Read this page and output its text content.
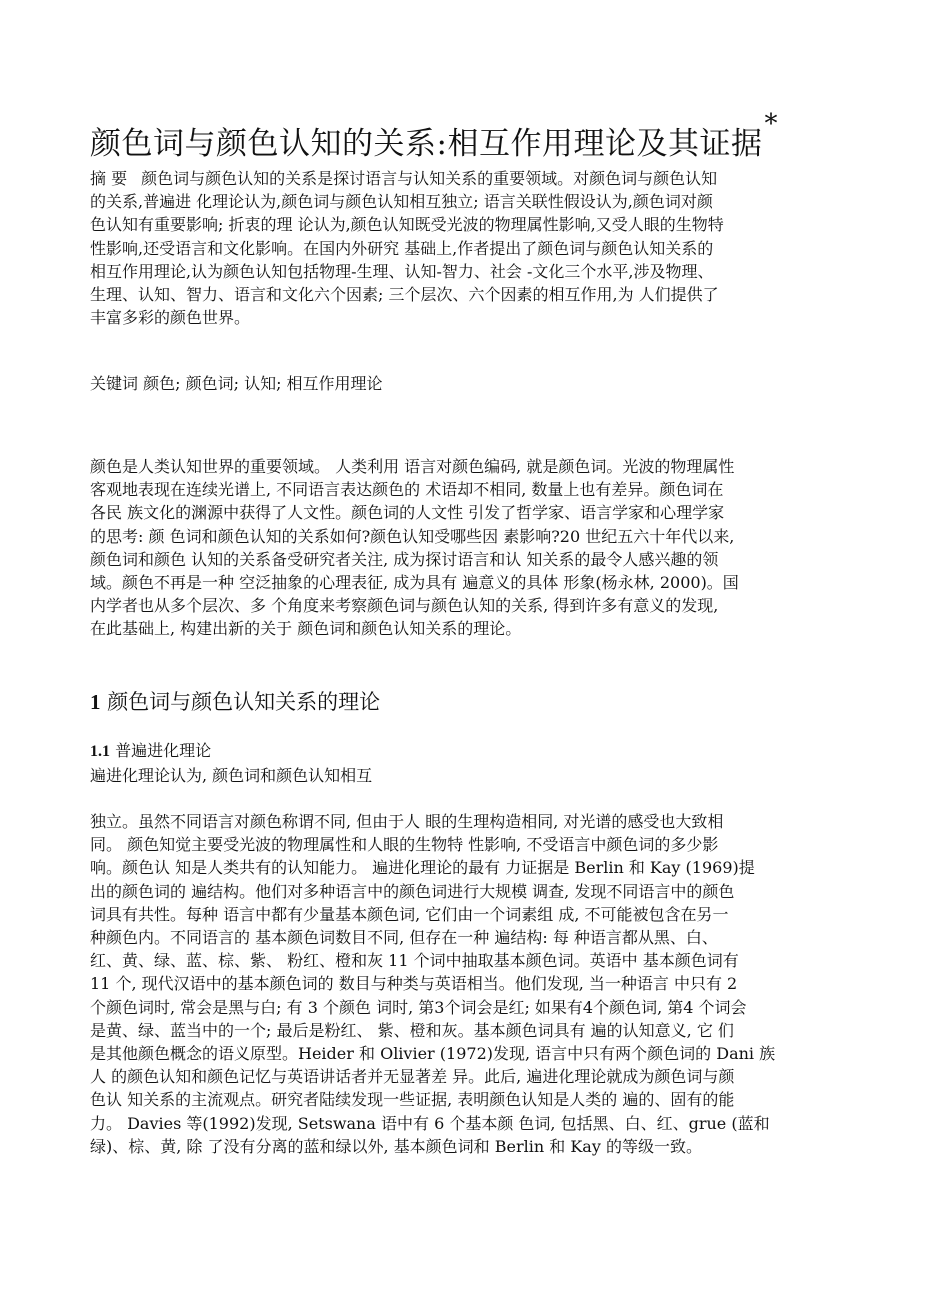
颜色词与颜色认知的关系:相互作用理论及其证据*
摘 要 颜色词与颜色认知的关系是探讨语言与认知关系的重要领域。对颜色词与颜色认知
的关系,普遍进 化理论认为,颜色词与颜色认知相互独立; 语言关联性假设认为,颜色词对颜
色认知有重要影响; 折衷的理 论认为,颜色认知既受光波的物理属性影响,又受人眼的生物特
性影响,还受语言和文化影响。在国内外研究 基础上,作者提出了颜色词与颜色认知关系的
相互作用理论,认为颜色认知包括物理-生理、认知-智力、社会 -文化三个水平,涉及物理、
生理、认知、智力、语言和文化六个因素; 三个层次、六个因素的相互作用,为 人们提供了
丰富多彩的颜色世界。
关键词 颜色; 颜色词; 认知; 相互作用理论
颜色是人类认知世界的重要领域。 人类利用 语言对颜色编码, 就是颜色词。光波的物理属性
客观地表现在连续光谱上, 不同语言表达颜色的 术语却不相同, 数量上也有差异。颜色词在
各民 族文化的渊源中获得了人文性。颜色词的人文性 引发了哲学家、语言学家和心理学家
的思考: 颜 色词和颜色认知的关系如何?颜色认知受哪些因 素影响?20 世纪五六十年代以来,
颜色词和颜色 认知的关系备受研究者关注, 成为探讨语言和认 知关系的最令人感兴趣的领
域。颜色不再是一种 空泛抽象的心理表征, 成为具有 遍意义的具体 形象(杨永林, 2000)。国
内学者也从多个层次、多 个角度来考察颜色词与颜色认知的关系, 得到许多有意义的发现,
在此基础上, 构建出新的关于 颜色词和颜色认知关系的理论。
1 颜色词与颜色认知关系的理论
1.1 普遍进化理论
遍进化理论认为, 颜色词和颜色认知相互
独立。虽然不同语言对颜色称谓不同, 但由于人 眼的生理构造相同, 对光谱的感受也大致相
同。 颜色知觉主要受光波的物理属性和人眼的生物特 性影响, 不受语言中颜色词的多少影
响。颜色认 知是人类共有的认知能力。 遍进化理论的最有 力证据是 Berlin 和 Kay (1969)提
出的颜色词的 遍结构。他们对多种语言中的颜色词进行大规模 调查, 发现不同语言中的颜色
词具有共性。每种 语言中都有少量基本颜色词, 它们由一个词素组 成, 不可能被包含在另一
种颜色内。不同语言的 基本颜色词数目不同, 但存在一种 遍结构: 每 种语言都从黑、白、
红、黄、绿、蓝、棕、紫、 粉红、橙和灰 11 个词中抽取基本颜色词。英语中 基本颜色词有
11 个, 现代汉语中的基本颜色词的 数目与种类与英语相当。他们发现, 当一种语言 中只有 2
个颜色词时, 常会是黑与白; 有 3 个颜色 词时, 第3个词会是红; 如果有4个颜色词, 第4 个词会
是黄、绿、蓝当中的一个; 最后是粉红、 紫、橙和灰。基本颜色词具有 遍的认知意义, 它 们
是其他颜色概念的语义原型。Heider 和 Olivier (1972)发现, 语言中只有两个颜色词的 Dani 族
人 的颜色认知和颜色记忆与英语讲话者并无显著差 异。此后, 遍进化理论就成为颜色词与颜
色认 知关系的主流观点。研究者陆续发现一些证据, 表明颜色认知是人类的 遍的、固有的能
力。 Davies 等(1992)发现, Setswana 语中有 6 个基本颜 色词, 包括黑、白、红、grue (蓝和
绿)、棕、黄, 除 了没有分离的蓝和绿以外, 基本颜色词和 Berlin 和 Kay 的等级一致。
